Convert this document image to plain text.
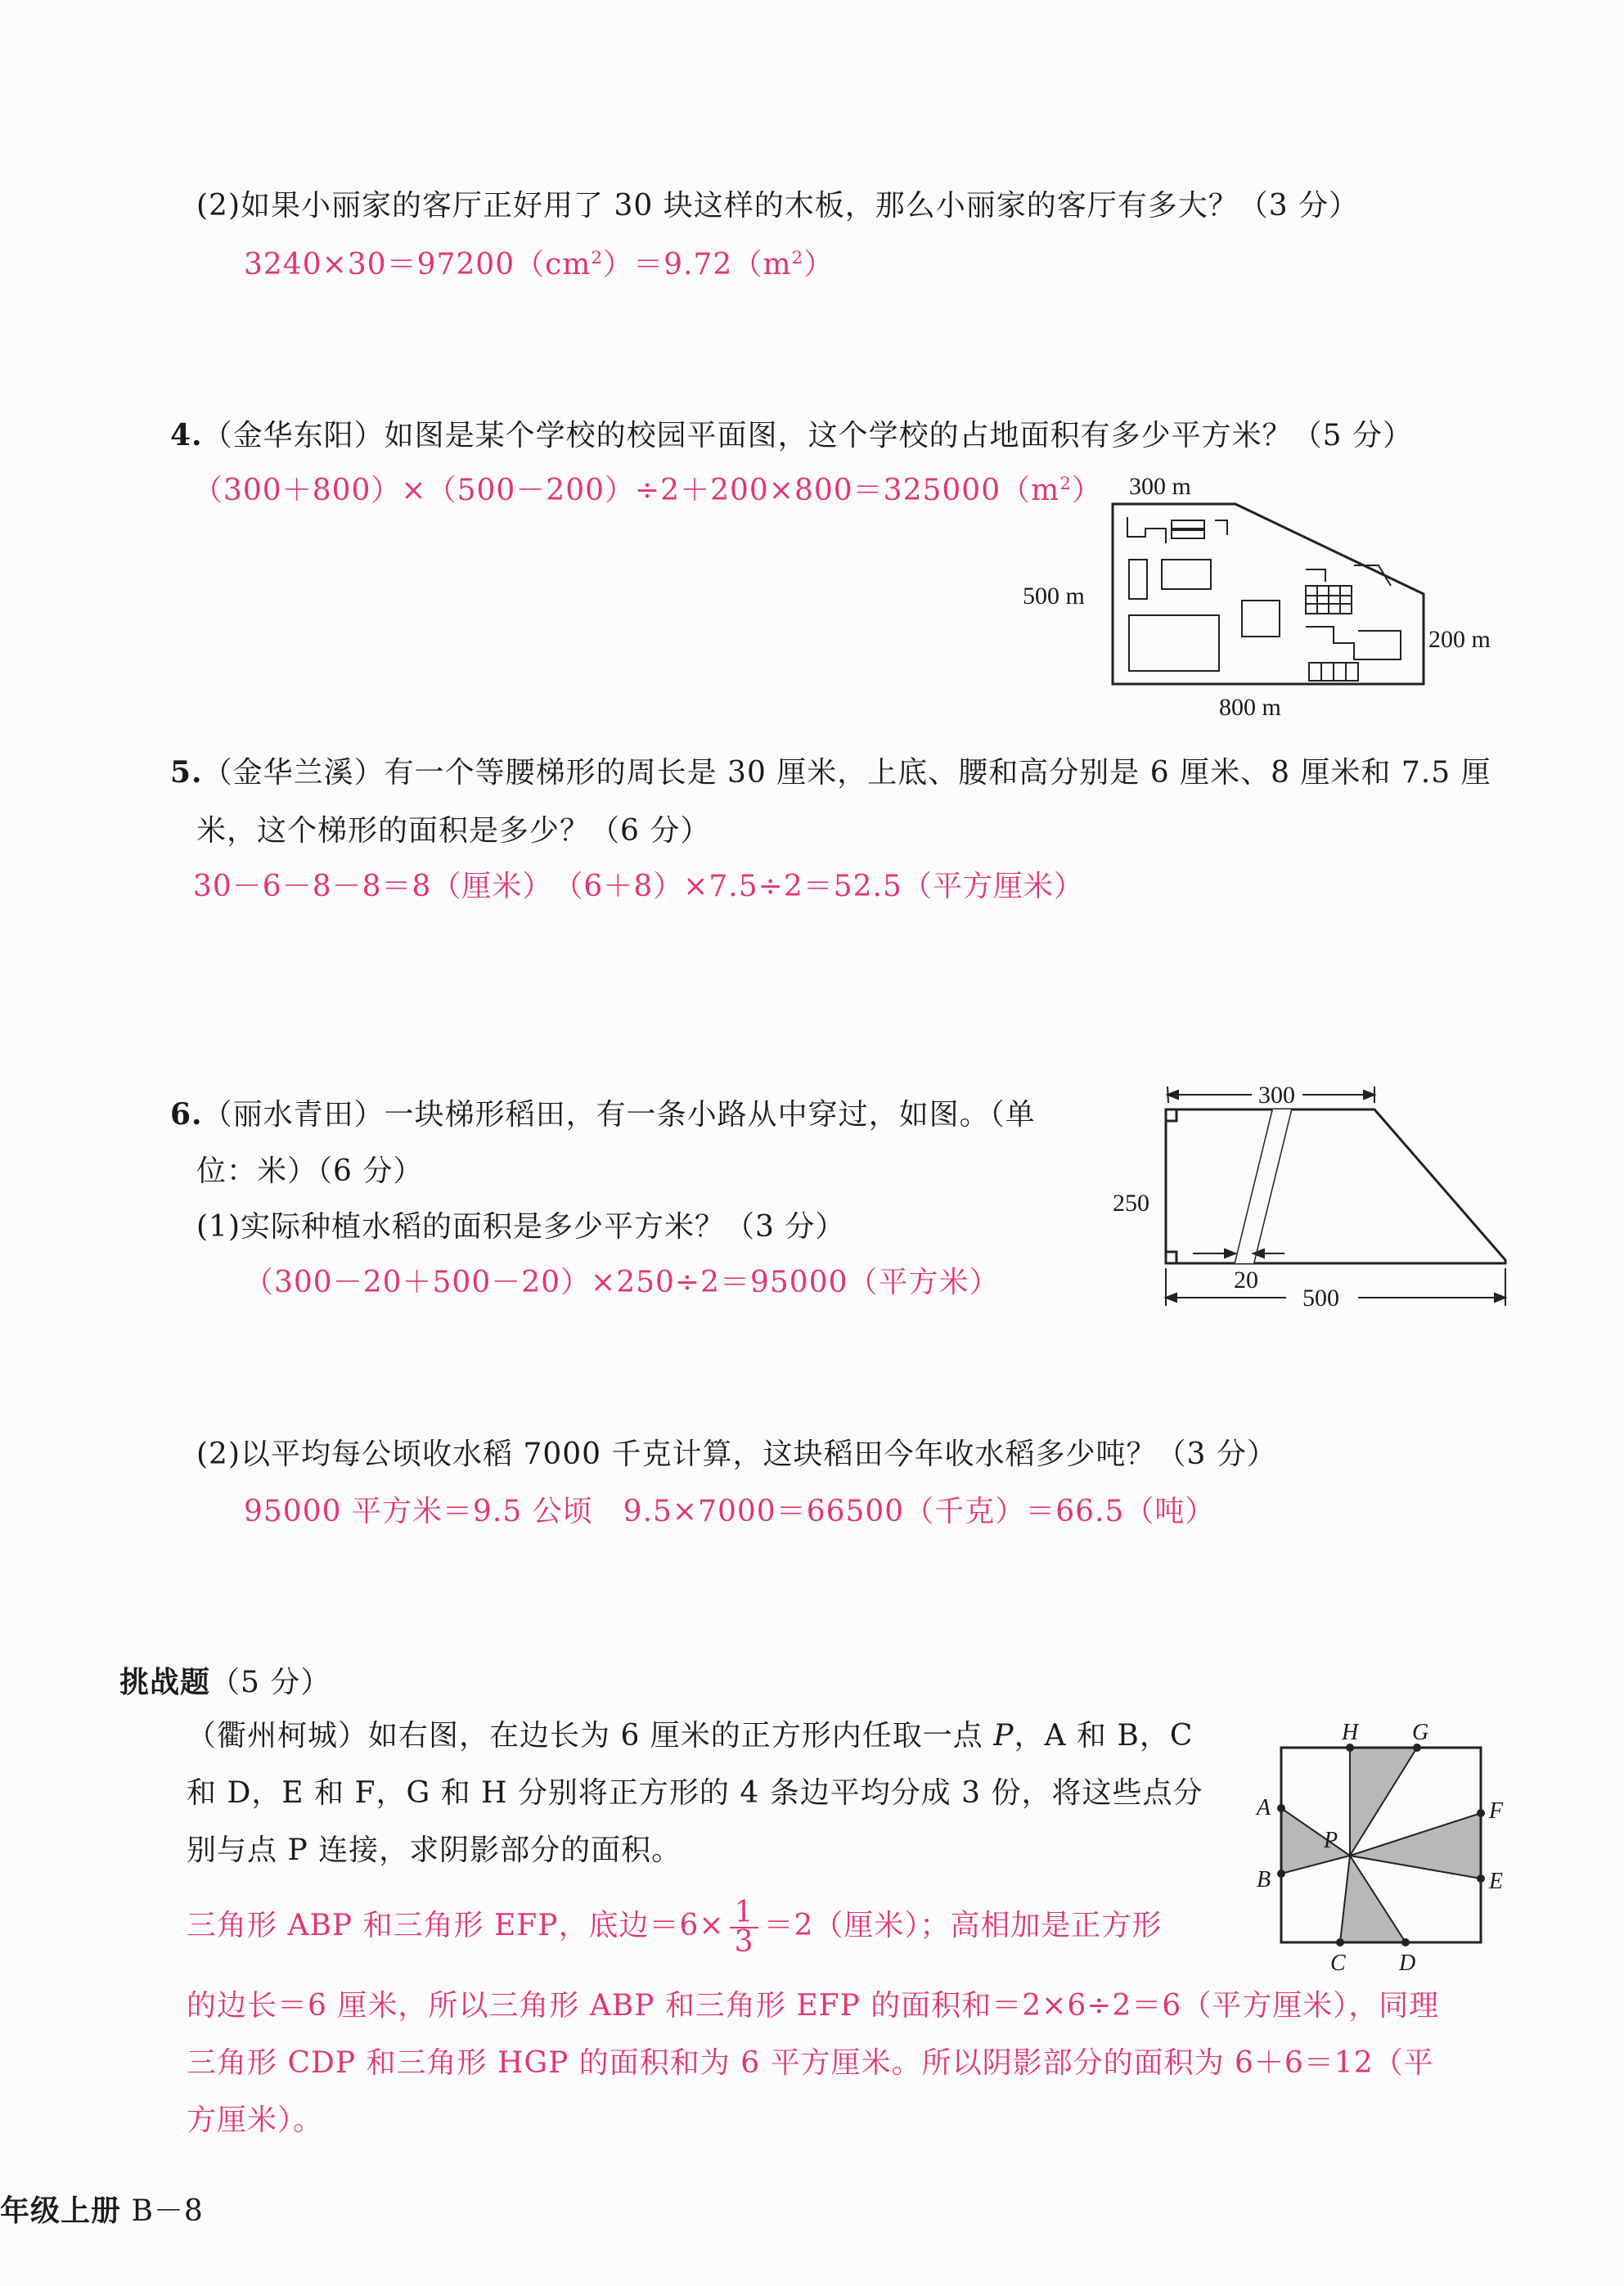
(2)如果小丽家的客厅正好用了 30 块这样的木板，那么小丽家的客厅有多大？（3 分）
$3240\times 30=97200(cm^2)=9.72(m^2)$
4.（金华东阳）如图是某个学校的校园平面图，这个学校的占地面积有多少平方米？（5 分）
$(300+800)\times(500-200)\div 2+200\times 800=325000(m^2)$ 300 m
500 m
200 m
800 m
5.（金华兰溪）有一个等腰梯形的周长是 30 厘米，上底、腰和高分别是 6 厘米、8 厘米和 7.5 厘
米，这个梯形的面积是多少？（6 分）
30－6－8－8＝8（厘米）　（6＋8）×7.5÷2＝52.5（平方厘米）
6.（丽水青田）一块梯形稻田，有一条小路从中穿过，如图。（单
位：米）（6 分）
(1)实际种植水稻的面积是多少平方米？（3 分）
（300－20＋500－20）×250÷2＝95000（平方米）
300
250
20
500
(2)以平均每公顷收水稻 7000 千克计算，这块稻田今年收水稻多少吨？（3 分）
95000 平方米＝9.5 公顷　9.5×7000＝66500（千克）＝66.5（吨）
挑战题（5 分）
（衢州柯城）如右图，在边长为 6 厘米的正方形内任取一点 P，A 和 B，C
和 D，E 和 F，G 和 H 分别将正方形的 4 条边平均分成 3 份，将这些点分
别与点 P 连接，求阴影部分的面积。
三角形 ABP 和三角形 EFP，底边$=6\times \frac{1}{3} =2$（厘米）；高相加是正方形
的边长＝6 厘米，所以三角形 ABP 和三角形 EFP 的面积和＝2×6÷2＝6（平方厘米），同理
三角形 CDP 和三角形 HGP 的面积和为 6 平方厘米。所以阴影部分的面积为 6＋6＝12（平
方厘米）。
H G
A
B
F
E
C D
P
年级上册 B－8
